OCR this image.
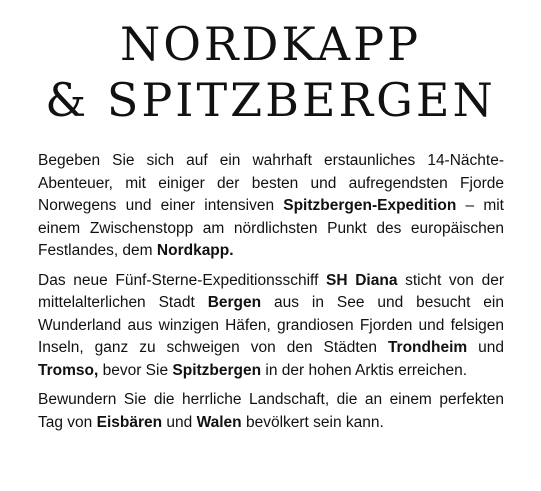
NORDKAPP
& SPITZBERGEN

Begeben Sie sich auf ein wahrhaft erstaunliches 14-Nächte-Abenteuer, mit einiger der besten und aufregendsten Fjorde Norwegens und einer intensiven Spitzbergen-Expedition – mit einem Zwischenstopp am nördlichsten Punkt des europäischen Festlandes, dem Nordkapp.

Das neue Fünf-Sterne-Expeditionsschiff SH Diana sticht von der mittelalterlichen Stadt Bergen aus in See und besucht ein Wunderland aus winzigen Häfen, grandiosen Fjorden und felsigen Inseln, ganz zu schweigen von den Städten Trondheim und Tromso, bevor Sie Spitzbergen in der hohen Arktis erreichen.

Bewundern Sie die herrliche Landschaft, die an einem perfekten Tag von Eisbären und Walen bevölkert sein kann.
